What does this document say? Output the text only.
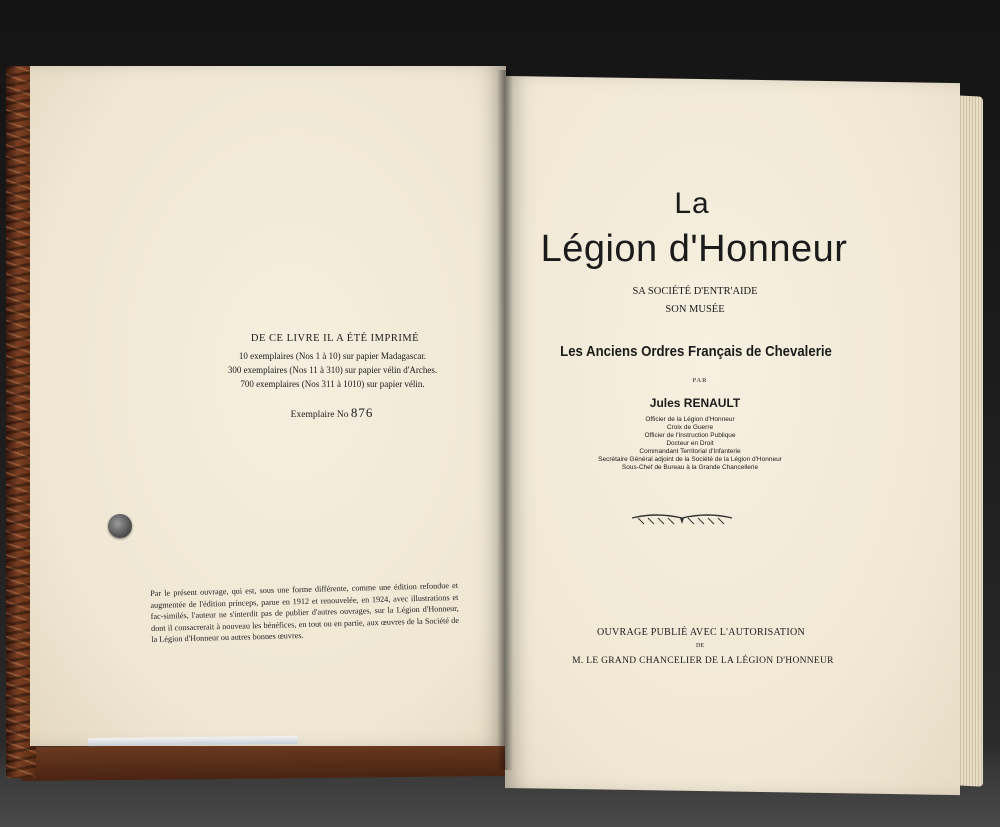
DE CE LIVRE IL A ÉTÉ IMPRIMÉ
10 exemplaires (Nos 1 à 10) sur papier Madagascar.
300 exemplaires (Nos 11 à 310) sur papier vélin d'Arches.
700 exemplaires (Nos 311 à 1010) sur papier vélin.
Exemplaire No 876
Par le présent ouvrage, qui est, sous une forme différente, comme une édition refondue et augmentée de l'édition princeps, parue en 1912 et renouvelée, en 1924, avec illustrations et fac-similés, l'auteur ne s'interdit pas de publier d'autres ouvrages, sur la Légion d'Honneur, dont il consacrerait à nouveau les bénéfices, en tout ou en partie, aux œuvres de la Société de la Légion d'Honneur ou autres bonnes œuvres.
La
Légion d'Honneur
SA SOCIÉTÉ D'ENTR'AIDE
SON MUSÉE
Les Anciens Ordres Français de Chevalerie
PAR
Jules RENAULT
Officier de la Légion d'Honneur
Croix de Guerre
Officier de l'Instruction Publique
Docteur en Droit
Commandant Territorial d'Infanterie
Secrétaire Général adjoint de la Société de la Légion d'Honneur
Sous-Chef de Bureau à la Grande Chancellerie
OUVRAGE PUBLIÉ AVEC L'AUTORISATION
DE
M. LE GRAND CHANCELIER DE LA LÉGION D'HONNEUR
